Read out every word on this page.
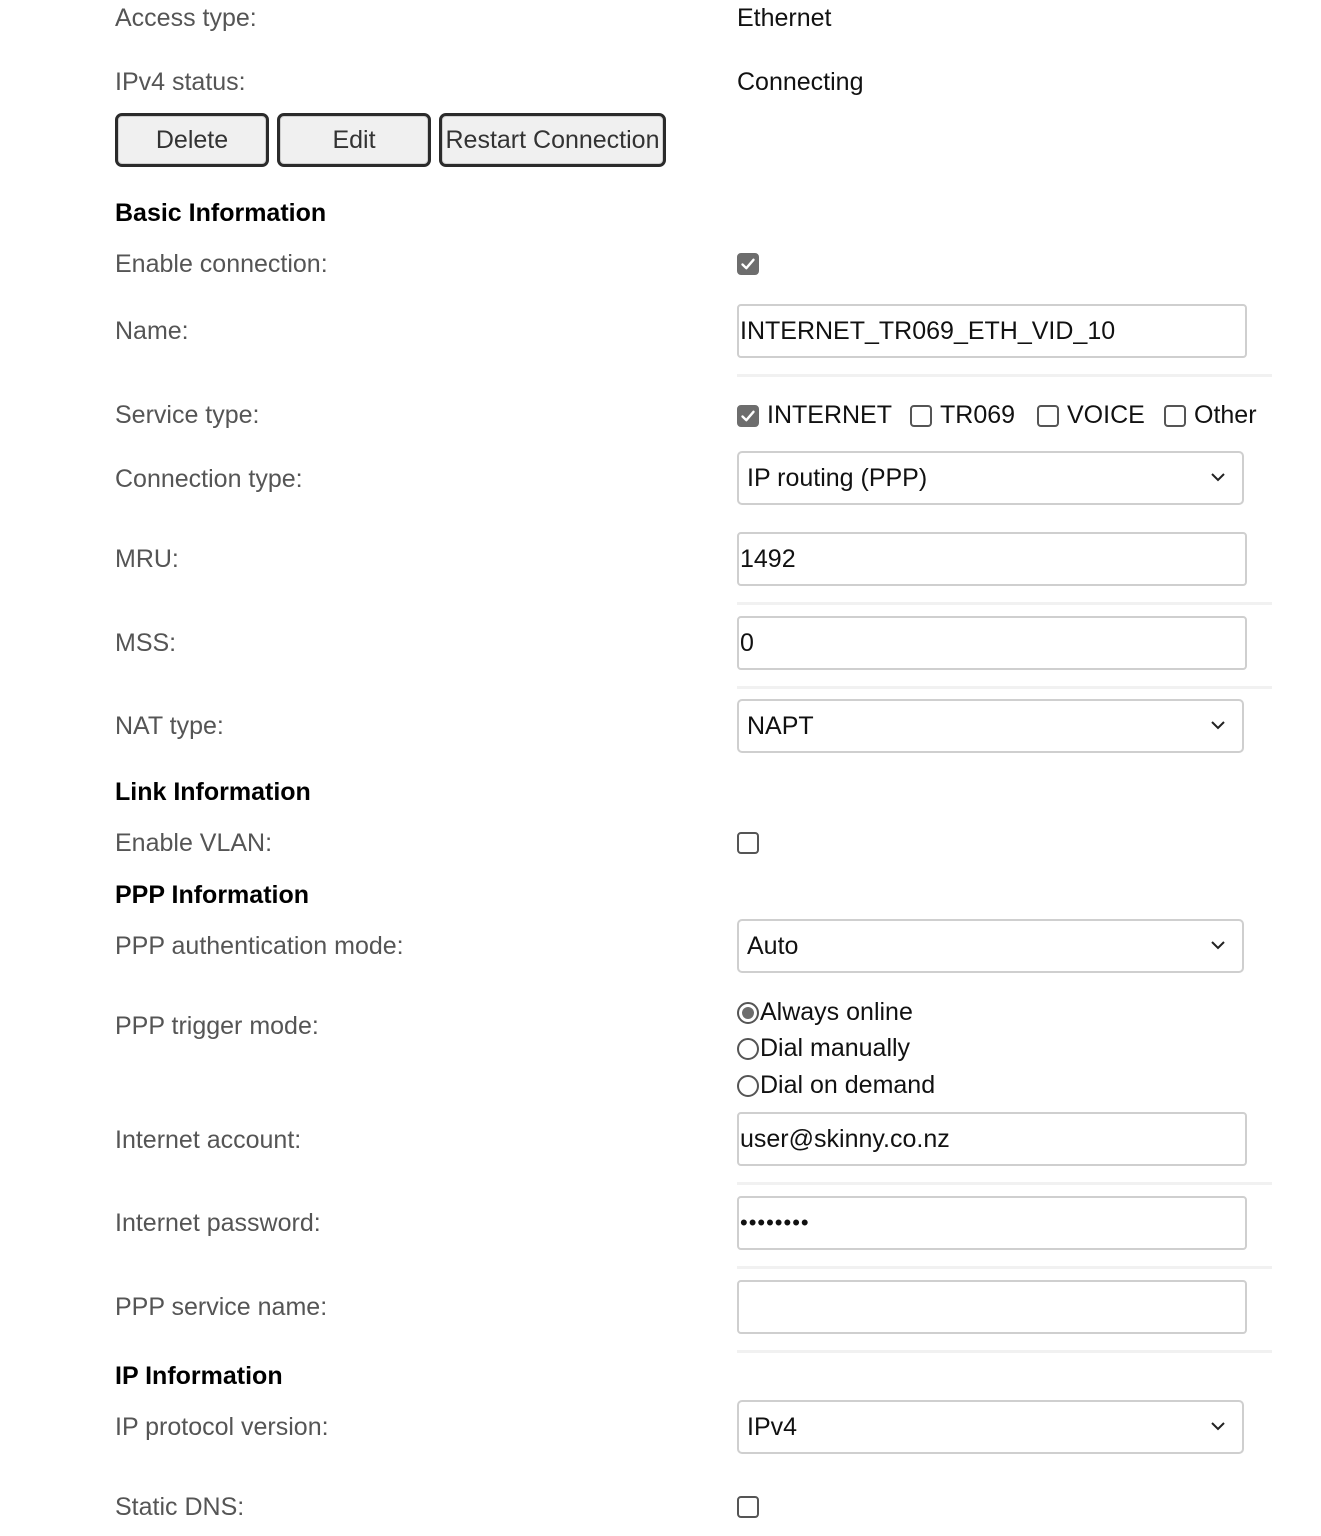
Access type:	Ethernet
IPv4 status:	Connecting
Delete	Edit	Restart Connection
Basic Information
Enable connection:
Name:
INTERNET_TR069_ETH_VID_10
Service type:	INTERNET TR069 VOICE Other
Connection type:	IP routing (PPP)
MRU:
1492
MSS:
0
NAT type:	NAPT
Link Information
Enable VLAN:
PPP Information
PPP authentication mode:	Auto
PPP trigger mode:	Always online
Dial manually
Dial on demand
Internet account:
user@skinny.co.nz
Internet password:
••••••••
PPP service name:
IP Information
IP protocol version:	IPv4
Static DNS:
